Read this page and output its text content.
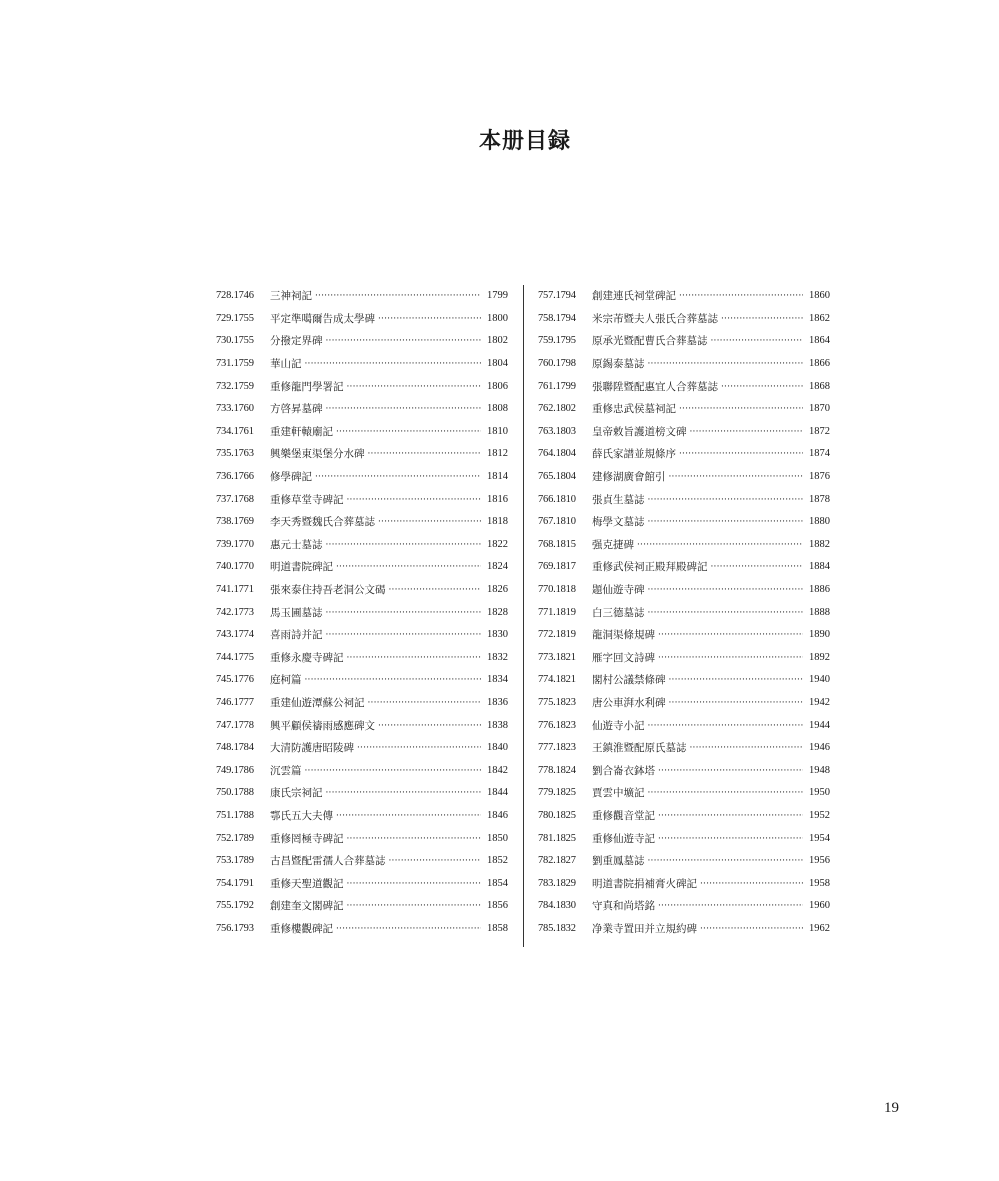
本册目録
728.1746	三神祠記 ·····	1799
729.1755	平定準噶爾告成太學碑 ·····	1800
730.1755	分撥定界碑 ·····	1802
731.1759	華山記 ·····	1804
732.1759	重修龍門學署記 ·····	1806
733.1760	方啓昇墓碑 ·····	1808
734.1761	重建軒轅廟記 ·····	1810
735.1763	興樂堡東渠堡分水碑 ·····	1812
736.1766	修學碑記 ·····	1814
737.1768	重修草堂寺碑記 ·····	1816
738.1769	李天秀暨魏氏合葬墓誌 ·····	1818
739.1770	惠元士墓誌 ·····	1822
740.1770	明道書院碑記 ·····	1824
741.1771	張來泰住持吾老洞公文碣 ·····	1826
742.1773	馬玉圃墓誌 ·····	1828
743.1774	喜雨詩并記 ·····	1830
744.1775	重修永慶寺碑記 ·····	1832
745.1776	庭柯篇 ·····	1834
746.1777	重建仙遊潭蘇公祠記 ·····	1836
747.1778	興平顧侯禱雨感應碑文 ·····	1838
748.1784	大清防護唐昭陵碑 ·····	1840
749.1786	沉雲篇 ·····	1842
750.1788	康氏宗祠記 ·····	1844
751.1788	鄠氏五大夫傳 ·····	1846
752.1789	重修罔極寺碑記 ·····	1850
753.1789	古昌暨配雷孺人合葬墓誌 ·····	1852
754.1791	重修天聖道觀記 ·····	1854
755.1792	創建奎文閣碑記 ·····	1856
756.1793	重修樓觀碑記 ·····	1858
757.1794	創建連氏祠堂碑記 ·····	1860
758.1794	米宗芾暨夫人張氏合葬墓誌 ·····	1862
759.1795	原承光暨配曹氏合葬墓誌 ·····	1864
760.1798	原錫泰墓誌 ·····	1866
761.1799	張聯陞暨配惠宜人合葬墓誌 ·····	1868
762.1802	重修忠武侯墓祠記 ·····	1870
763.1803	皇帝敕旨護道榜文碑 ·····	1872
764.1804	薛氏家譜並規條序 ·····	1874
765.1804	建修湖廣會館引 ·····	1876
766.1810	張貞生墓誌 ·····	1878
767.1810	梅學文墓誌 ·····	1880
768.1815	强克捷碑 ·····	1882
769.1817	重修武侯祠正殿拜殿碑記 ·····	1884
770.1818	題仙遊寺碑 ·····	1886
771.1819	白三德墓誌 ·····	1888
772.1819	龍洞渠條規碑 ·····	1890
773.1821	雁字回文詩碑 ·····	1892
774.1821	閣村公議禁條碑 ·····	1940
775.1823	唐公車湃水利碑 ·····	1942
776.1823	仙遊寺小記 ·····	1944
777.1823	王鎮淮暨配原氏墓誌 ·····	1946
778.1824	劉合崙衣鉢塔 ·····	1948
779.1825	賈雲中壙記 ·····	1950
780.1825	重修觀音堂記 ·····	1952
781.1825	重修仙遊寺記 ·····	1954
782.1827	劉重鳳墓誌 ·····	1956
783.1829	明道書院捐補膏火碑記 ·····	1958
784.1830	守真和尚塔銘 ·····	1960
785.1832	净業寺置田并立規約碑 ·····	1962
19
